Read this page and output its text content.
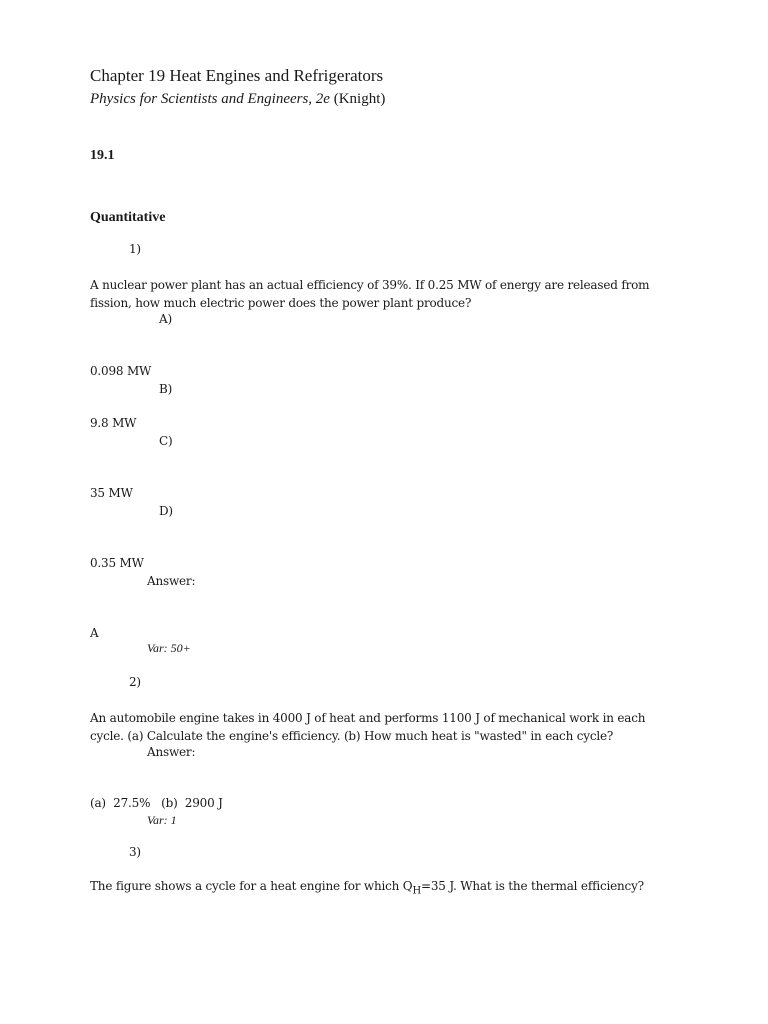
Chapter 19 Heat Engines and Refrigerators
Physics for Scientists and Engineers, 2e (Knight)
19.1
Quantitative
1)
A nuclear power plant has an actual efficiency of 39%. If 0.25 MW of energy are released from fission, how much electric power does the power plant produce?
A)
0.098 MW
B)
9.8 MW
C)
35 MW
D)
0.35 MW
Answer:
A
Var: 50+
2)
An automobile engine takes in 4000 J of heat and performs 1100 J of mechanical work in each cycle. (a) Calculate the engine's efficiency. (b) How much heat is "wasted" in each cycle?
Answer:
(a)  27.5%   (b)  2900 J
Var: 1
3)
The figure shows a cycle for a heat engine for which $Q_H=35$ J. What is the thermal efficiency?
